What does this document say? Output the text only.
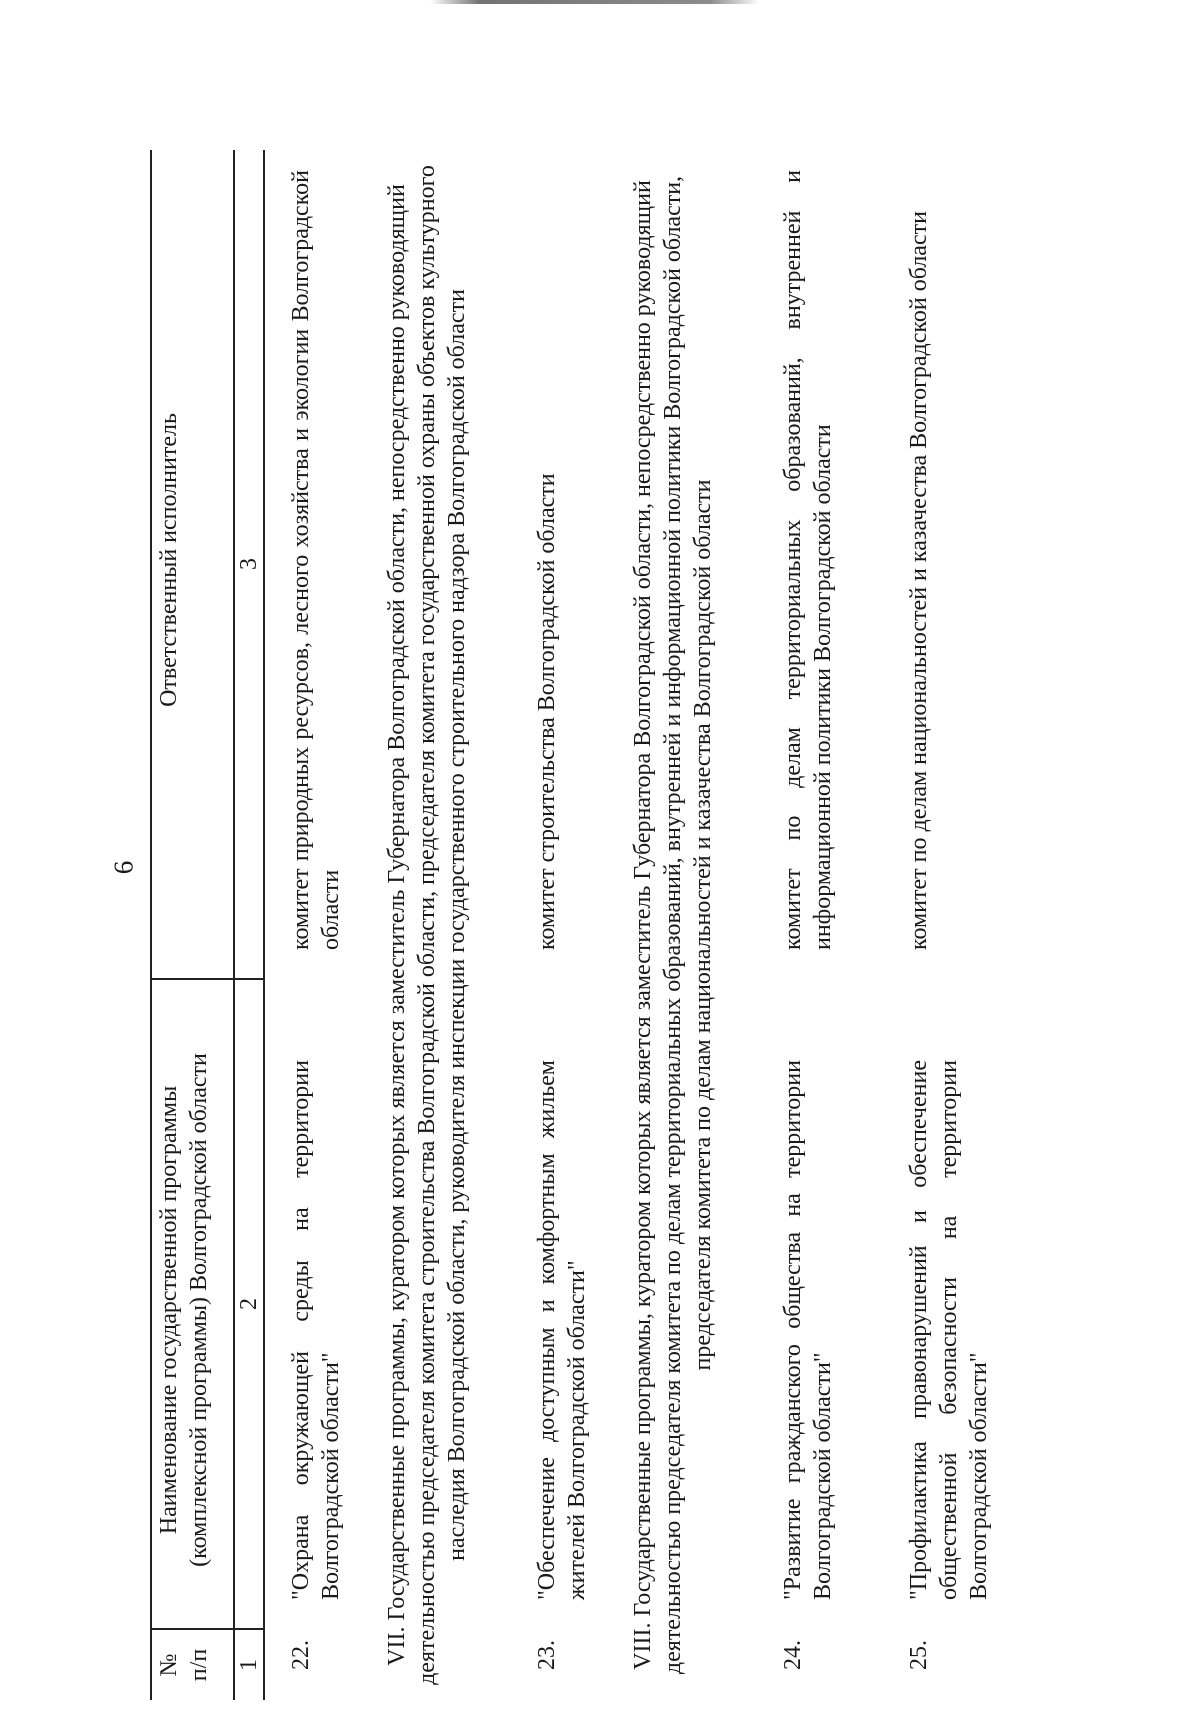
6
№
п/п
Наименование государственной программы (комплексной программы) Волгоградской области
Ответственный исполнитель
1
2
3
22.
"Охрана окружающей среды на территории Волгоградской области"
комитет природных ресурсов, лесного хозяйства и экологии Волгоградской области VII. Государственные программы, куратором которых является заместитель Губернатора Волгоградской области, непосредственно руководящий деятельностью председателя комитета строительства Волгоградской области, председателя комитета государственной охраны объектов культурного наследия Волгоградской области, руководителя инспекции государственного строительного надзора Волгоградской области
23.
"Обеспечение доступным и комфортным жильем жителей Волгоградской области"
комитет строительства Волгоградской области	VIII. Государственные программы, куратором которых является заместитель Губернатора Волгоградской области, непосредственно руководящий деятельностью председателя комитета по делам территориальных образований, внутренней и информационной политики Волгоградской области, председателя комитета по делам национальностей и казачества Волгоградской области
24.
"Развитие гражданского общества на территории Волгоградской области"
комитет по делам территориальных образований, внутренней и информационной политики Волгоградской области
25.
"Профилактика правонарушений и обеспечение общественной безопасности на территории Волгоградской области"
комитет по делам национальностей и казачества Волгоградской области
